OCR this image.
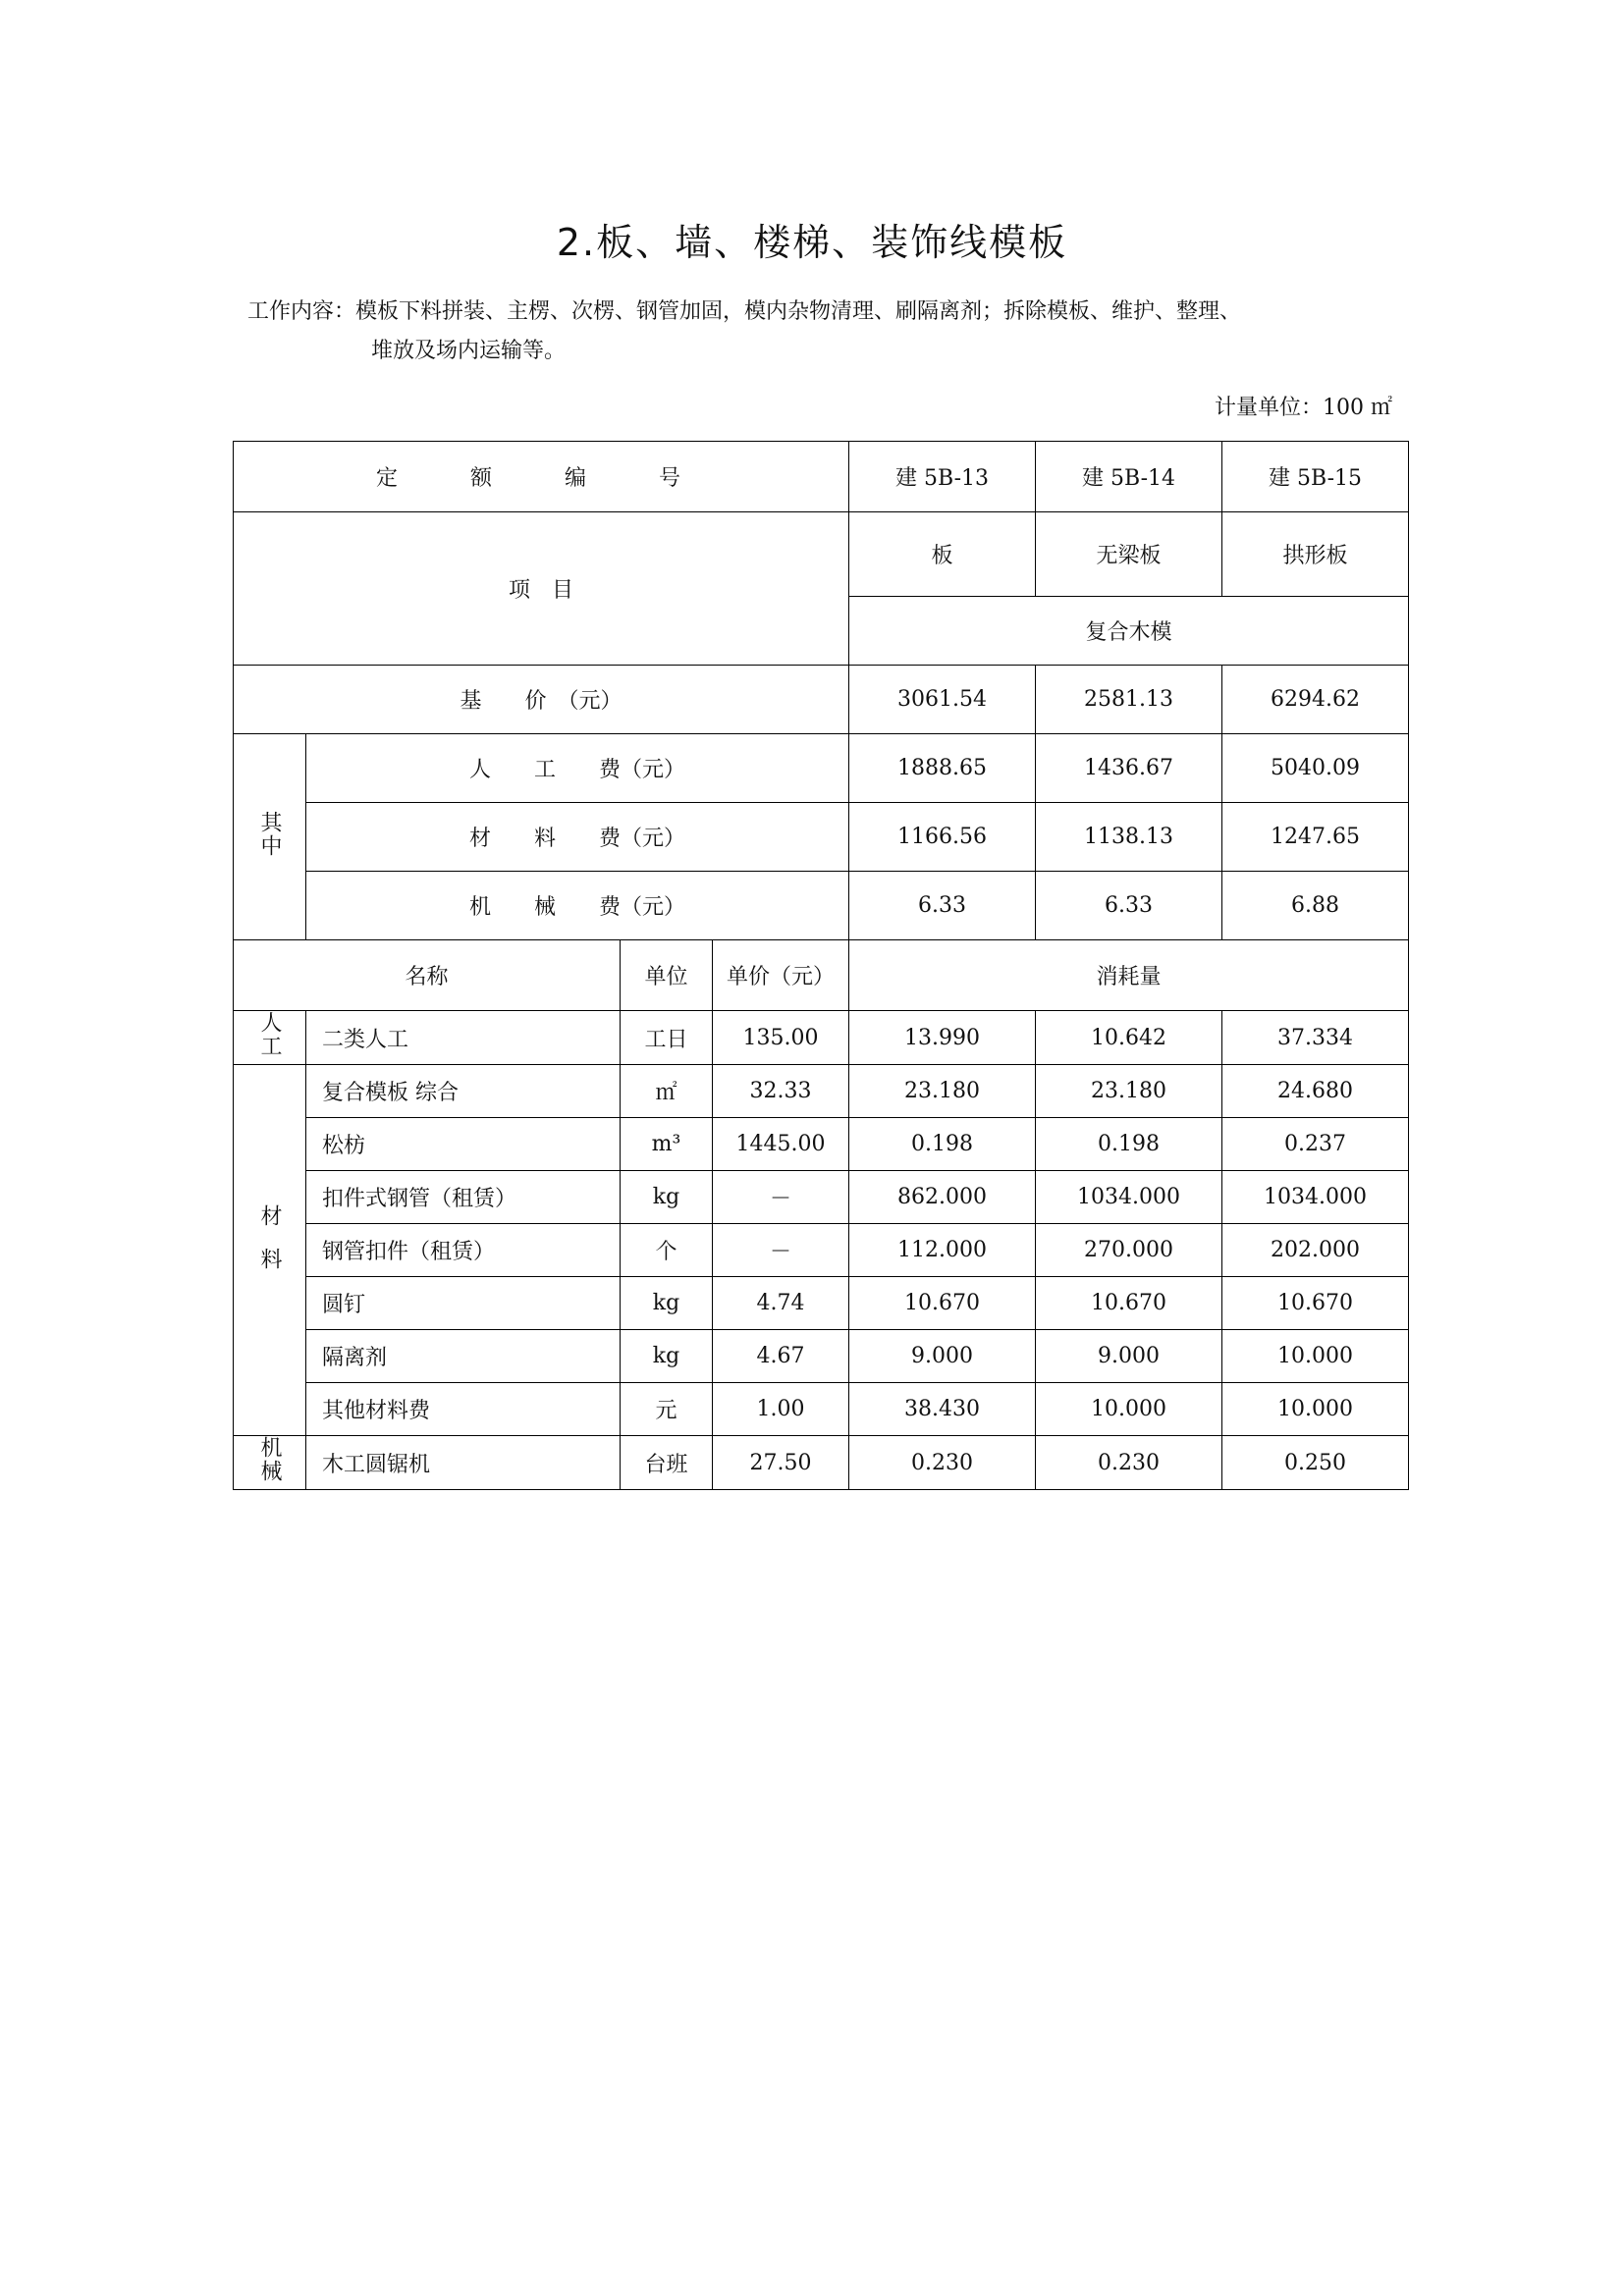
2.板、墙、楼梯、装饰线模板
工作内容：模板下料拼装、主楞、次楞、钢管加固，模内杂物清理、刷隔离剂；拆除模板、维护、整理、
堆放及场内运输等。
计量单位：100 ㎡
定　额　编　号				建 5B-13	建 5B-14	建 5B-15
项　目				板	无梁板	拱形板
				复合木模		
基　　价　（元）				3061.54	2581.13	6294.62
其中	人　　工　　费（元）			1888.65	1436.67	5040.09
	材　　料　　费（元）			1166.56	1138.13	1247.65
	机　　械　　费（元）			6.33	6.33	6.88
名称		单位	单价（元）	消耗量		
人工	二类人工	工日	135.00	13.990	10.642	37.334
材料	复合模板 综合	㎡	32.33	23.180	23.180	24.680
	松枋	m³	1445.00	0.198	0.198	0.237
	扣件式钢管（租赁）	kg	－	862.000	1034.000	1034.000
	钢管扣件（租赁）	个	－	112.000	270.000	202.000
	圆钉	kg	4.74	10.670	10.670	10.670
	隔离剂	kg	4.67	9.000	9.000	10.000
	其他材料费	元	1.00	38.430	10.000	10.000
机械	木工圆锯机	台班	27.50	0.230	0.230	0.250
